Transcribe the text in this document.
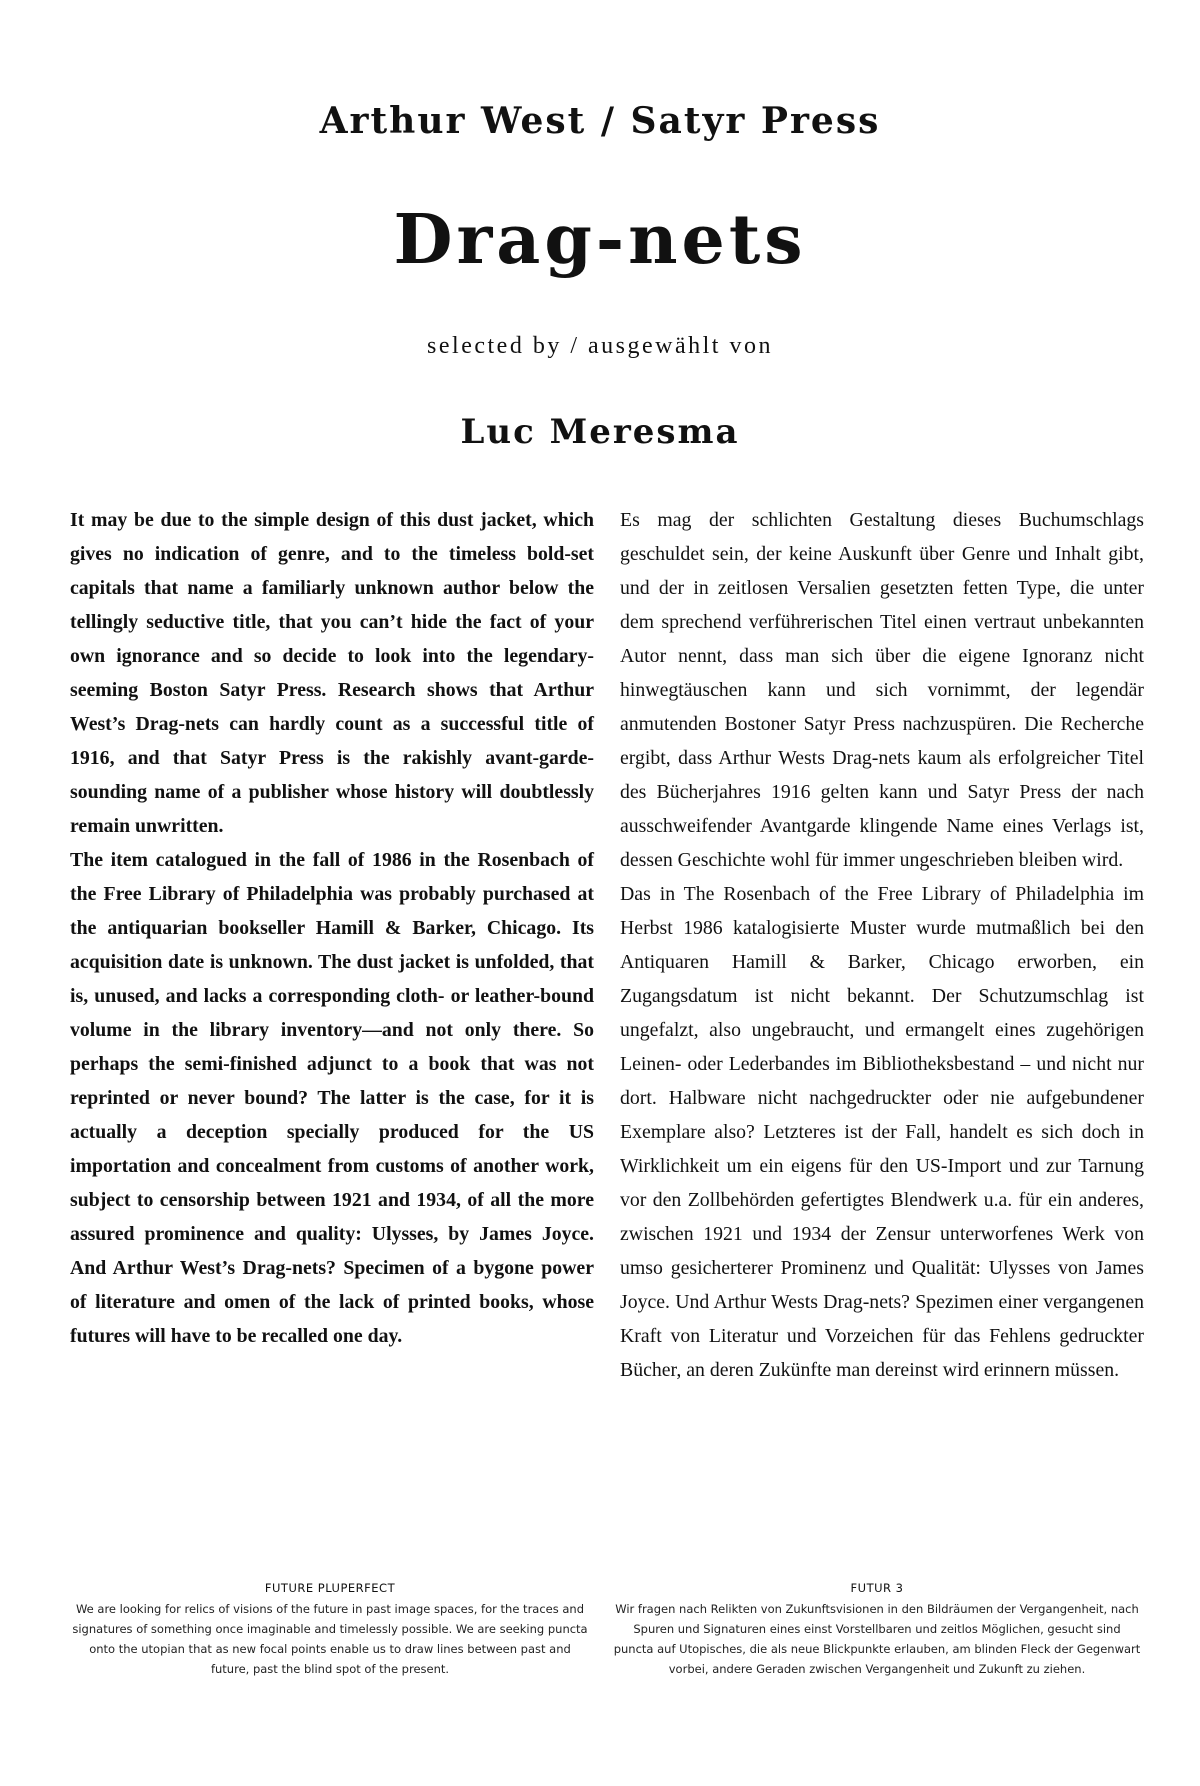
Arthur West / Satyr Press
Drag-nets
selected by / ausgewählt von
Luc Meresma

It may be due to the simple design of this dust jacket, which gives no indication of genre, and to the timeless bold-set capitals that name a familiarly unknown author below the tellingly seductive title, that you can’t hide the fact of your own ignorance and so decide to look into the legendary-seeming Boston Satyr Press. Research shows that Arthur West’s Drag-nets can hardly count as a successful title of 1916, and that Satyr Press is the rakishly avant-garde-sounding name of a publisher whose history will doubtlessly remain unwritten.

The item catalogued in the fall of 1986 in the Rosenbach of the Free Library of Philadelphia was probably purchased at the antiquarian bookseller Hamill & Barker, Chicago. Its acquisition date is unknown. The dust jacket is unfolded, that is, unused, and lacks a corresponding cloth- or leather-bound volume in the library inventory—and not only there. So perhaps the semi-finished adjunct to a book that was not reprinted or never bound? The latter is the case, for it is actually a deception specially produced for the US importation and concealment from customs of another work, subject to censorship between 1921 and 1934, of all the more assured prominence and quality: Ulysses, by James Joyce. And Arthur West’s Drag-nets? Specimen of a bygone power of literature and omen of the lack of printed books, whose futures will have to be recalled one day.

Es mag der schlichten Gestaltung dieses Buchumschlags geschuldet sein, der keine Auskunft über Genre und Inhalt gibt, und der in zeitlosen Versalien gesetzten fetten Type, die unter dem sprechend verführerischen Titel einen vertraut unbekannten Autor nennt, dass man sich über die eigene Ignoranz nicht hinwegtäuschen kann und sich vornimmt, der legendär anmutenden Bostoner Satyr Press nachzuspüren. Die Recherche ergibt, dass Arthur Wests Drag-nets kaum als erfolgreicher Titel des Bücherjahres 1916 gelten kann und Satyr Press der nach ausschweifender Avantgarde klingende Name eines Verlags ist, dessen Geschichte wohl für immer ungeschrieben bleiben wird.

Das in The Rosenbach of the Free Library of Philadelphia im Herbst 1986 katalogisierte Muster wurde mutmaßlich bei den Antiquaren Hamill & Barker, Chicago erworben, ein Zugangsdatum ist nicht bekannt. Der Schutzumschlag ist ungefalzt, also ungebraucht, und ermangelt eines zugehörigen Leinen- oder Lederbandes im Bibliotheksbestand – und nicht nur dort. Halbware nicht nachgedruckter oder nie aufgebundener Exemplare also? Letzteres ist der Fall, handelt es sich doch in Wirklichkeit um ein eigens für den US-Import und zur Tarnung vor den Zollbehörden gefertigtes Blendwerk u.a. für ein anderes, zwischen 1921 und 1934 der Zensur unterworfenes Werk von umso gesicherterer Prominenz und Qualität: Ulysses von James Joyce. Und Arthur Wests Drag-nets? Spezimen einer vergangenen Kraft von Literatur und Vorzeichen für das Fehlens gedruckter Bücher, an deren Zukünfte man dereinst wird erinnern müssen.

FUTURE PLUPERFECT

We are looking for relics of visions of the future in past image spaces, for the traces and signatures of something once imaginable and timelessly possible. We are seeking puncta onto the utopian that as new focal points enable us to draw lines between past and future, past the blind spot of the present.

FUTUR 3

Wir fragen nach Relikten von Zukunftsvisionen in den Bildräumen der Vergangenheit, nach Spuren und Signaturen eines einst Vorstellbaren und zeitlos Möglichen, gesucht sind puncta auf Utopisches, die als neue Blickpunkte erlauben, am blinden Fleck der Gegenwart vorbei, andere Geraden zwischen Vergangenheit und Zukunft zu ziehen.
